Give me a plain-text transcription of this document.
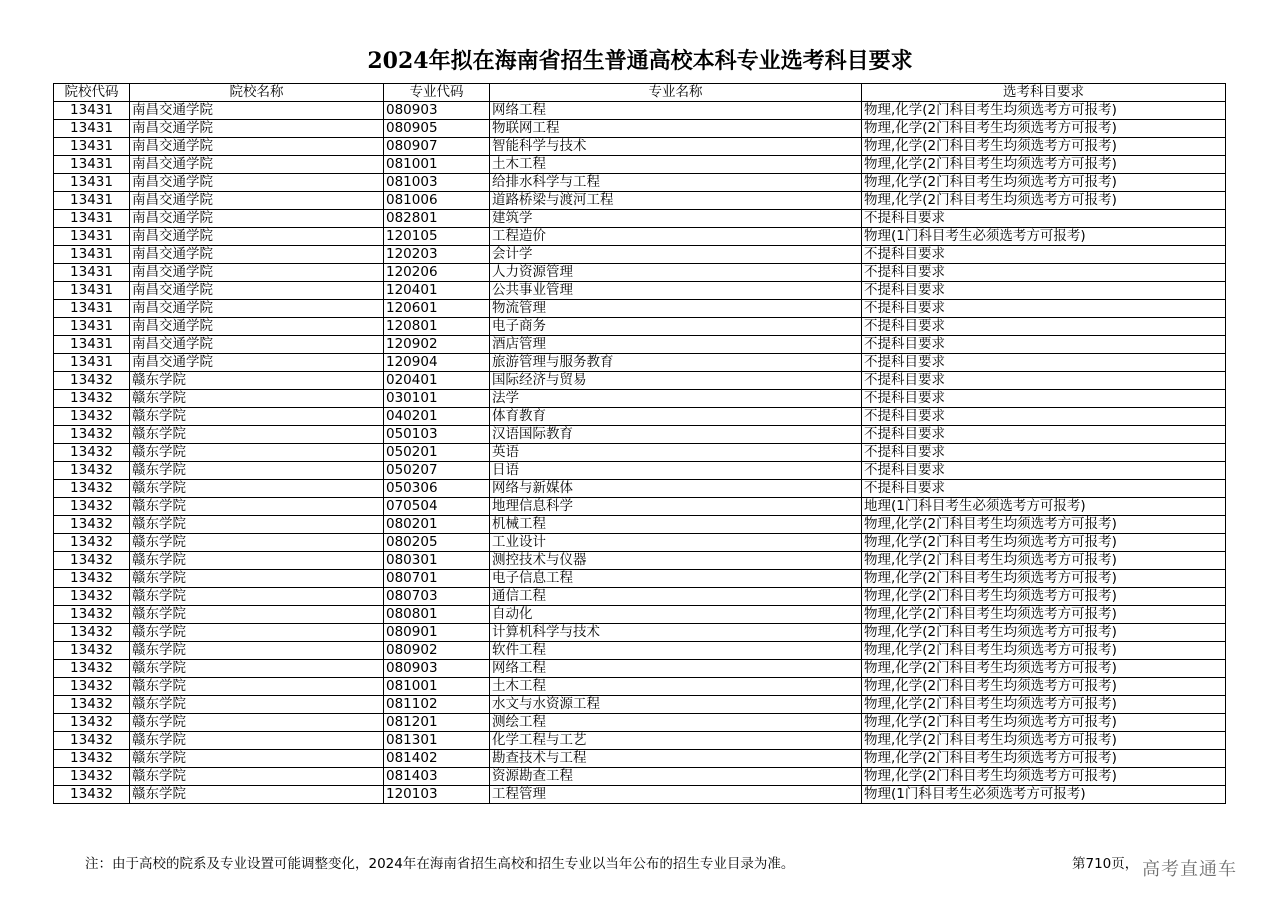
2024年拟在海南省招生普通高校本科专业选考科目要求
院校代码	院校名称	专业代码	专业名称	选考科目要求
13431	南昌交通学院	080903	网络工程	物理,化学(2门科目考生均须选考方可报考)
13431	南昌交通学院	080905	物联网工程	物理,化学(2门科目考生均须选考方可报考)
13431	南昌交通学院	080907	智能科学与技术	物理,化学(2门科目考生均须选考方可报考)
13431	南昌交通学院	081001	土木工程	物理,化学(2门科目考生均须选考方可报考)
13431	南昌交通学院	081003	给排水科学与工程	物理,化学(2门科目考生均须选考方可报考)
13431	南昌交通学院	081006	道路桥梁与渡河工程	物理,化学(2门科目考生均须选考方可报考)
13431	南昌交通学院	082801	建筑学	不提科目要求
13431	南昌交通学院	120105	工程造价	物理(1门科目考生必须选考方可报考)
13431	南昌交通学院	120203	会计学	不提科目要求
13431	南昌交通学院	120206	人力资源管理	不提科目要求
13431	南昌交通学院	120401	公共事业管理	不提科目要求
13431	南昌交通学院	120601	物流管理	不提科目要求
13431	南昌交通学院	120801	电子商务	不提科目要求
13431	南昌交通学院	120902	酒店管理	不提科目要求
13431	南昌交通学院	120904	旅游管理与服务教育	不提科目要求
13432	赣东学院	020401	国际经济与贸易	不提科目要求
13432	赣东学院	030101	法学	不提科目要求
13432	赣东学院	040201	体育教育	不提科目要求
13432	赣东学院	050103	汉语国际教育	不提科目要求
13432	赣东学院	050201	英语	不提科目要求
13432	赣东学院	050207	日语	不提科目要求
13432	赣东学院	050306	网络与新媒体	不提科目要求
13432	赣东学院	070504	地理信息科学	地理(1门科目考生必须选考方可报考)
13432	赣东学院	080201	机械工程	物理,化学(2门科目考生均须选考方可报考)
13432	赣东学院	080205	工业设计	物理,化学(2门科目考生均须选考方可报考)
13432	赣东学院	080301	测控技术与仪器	物理,化学(2门科目考生均须选考方可报考)
13432	赣东学院	080701	电子信息工程	物理,化学(2门科目考生均须选考方可报考)
13432	赣东学院	080703	通信工程	物理,化学(2门科目考生均须选考方可报考)
13432	赣东学院	080801	自动化	物理,化学(2门科目考生均须选考方可报考)
13432	赣东学院	080901	计算机科学与技术	物理,化学(2门科目考生均须选考方可报考)
13432	赣东学院	080902	软件工程	物理,化学(2门科目考生均须选考方可报考)
13432	赣东学院	080903	网络工程	物理,化学(2门科目考生均须选考方可报考)
13432	赣东学院	081001	土木工程	物理,化学(2门科目考生均须选考方可报考)
13432	赣东学院	081102	水文与水资源工程	物理,化学(2门科目考生均须选考方可报考)
13432	赣东学院	081201	测绘工程	物理,化学(2门科目考生均须选考方可报考)
13432	赣东学院	081301	化学工程与工艺	物理,化学(2门科目考生均须选考方可报考)
13432	赣东学院	081402	勘查技术与工程	物理,化学(2门科目考生均须选考方可报考)
13432	赣东学院	081403	资源勘查工程	物理,化学(2门科目考生均须选考方可报考)
13432	赣东学院	120103	工程管理	物理(1门科目考生必须选考方可报考)
注：由于高校的院系及专业设置可能调整变化，2024年在海南省招生高校和招生专业以当年公布的招生专业目录为准。	第710页， 高考直通车
